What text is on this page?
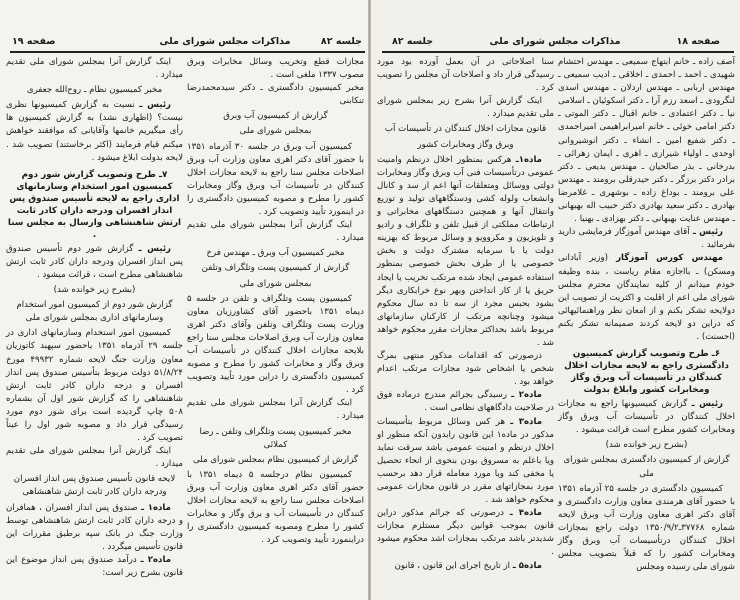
صفحه ۱۹	مذاکرات مجلس شورای ملی	جلسه ۸۲

مجازات قطع وتخریب وسائل مخابرات وبرق مصوب ۱۳۳۷ ملغی است .

مخبر کمیسیون دادگستری ـ دکتر سیدمحمدرضا تنکابنی

گزارش از کمیسیون آب وبرق
بمجلس شورای ملی

کمیسیون آب وبرق در جلسه ۳۰ آذرماه ۱۳۵۱ با حضور آقای دکتر اهری معاون وزارت آب وبرق اصلاحات مجلس سنا راجع به لایحه مجازات اخلال کنندگان در تأسیسات آب وبرق وگاز ومخابرات کشور را مطرح و مصوبه کمیسیون دادگستری را در اینمورد تأیید وتصویب کرد .

اینک گزارش آنرا بمجلس شورای ملی تقدیم میدارد .

مخبر کمیسیون آب وبرق ـ مهندس فرخ
گزارش از کمیسیون پست وتلگراف وتلفن
بمجلس شورای ملی

کمیسیون پست وتلگراف و تلفن در جلسه ۵ دیماه ۱۳۵۱ باحضور آقای کشاورزیان معاون وزارت پست وتلگراف وتلفن وآقای دکتر اهری معاون وزارت آب وبرق اصلاحات مجلس سنا راجع بلایحه مجازات اخلال کنندگان در تأسیسات آب وبرق وگاز و مخابرات کشور را مطرح و مصوبه کمیسیون دادگستری را دراین مورد تأیید وتصویب کرد .

اینک گزارش آنرا بمجلس شورای ملی تقدیم میدارد .

مخبر کمیسیون پست وتلگراف وتلفن ـ رضا کملائی
گزارش از کمیسیون نظام بمجلس شورای ملی

کمیسیون نظام درجلسه ۵ دیماه ۱۳۵۱ با حضور آقای دکتر اهری معاون وزارت آب وبرق اصلاحات مجلس سنا راجع به لایحه مجازات اخلال کنندگان در تأسیسات آب و برق وگاز و مخابرات کشور را مطرح ومصوبه کمیسیون دادگستری را دراینمورد تأیید وتصویب کرد .

اینک گزارش آنرا بمجلس شورای ملی تقدیم میدارد .

مخبر کمیسیون نظام ـ روح‌الله جعفری

رئیس ـ نسبت به گزارش کمیسیونها نظری نیست؟ (اظهاری نشد) به گزارش کمیسیون ها رأی میگیریم خانمها وآقایانی که موافقند خواهش میکنم قیام فرمایند (اکثر برخاستند) تصویب شد . لایحه بدولت ابلاغ میشود .

۷ـ طرح وتصویب گزارش شور دوم کمیسیون امور استخدام وسازمانهای اداری راجع به لایحه تأسیس صندوق پس انداز افسران ودرجه داران کادر ثابت ارتش شاهنشاهی وارسال به مجلس سنا .

رئیس ـ گزارش شور دوم تأسیس صندوق پس انداز افسران ودرجه داران کادر ثابت ارتش شاهنشاهی مطرح است ، قرائت میشود .

(بشرح زیر خوانده شد)
گزارش شور دوم از کمیسیون امور استخدام وسازمانهای اداری بمجلس شورای ملی

کمیسیون امور استخدام وسازمانهای اداری در جلسه ۲۹ آذرماه ۱۳۵۱ باحضور سپهبد کاتوزیان معاون وزارت جنگ لایحه شماره ۴۹۹۳۲ مورخ ۵۱/۸/۲۴ دولت مربوط بتأسیس صندوق پس انداز افسران و درجه داران کادر ثابت ارتش شاهنشاهی را که گزارش شور اول آن بشماره ۵۰۸ چاپ گردیده است برای شور دوم مورد رسیدگی قرار داد و مصوبه شور اول را عیناً تصویب کرد .

اینک گزارش آنرا بمجلس شورای ملی تقدیم میدارد .

لایحه قانون تأسیس صندوق پس انداز افسران ودرجه داران کادر ثابت ارتش شاهنشاهی

ماده۱ ـ صندوق پس انداز افسران ، همافران و درجه داران کادر ثابت ارتش شاهنشاهی توسط وزارت جنگ در بانک سپه برطبق مقررات این قانون تأسیس میگردد .

ماده۲ ـ درآمد صندوق پس انداز موضوع این قانون بشرح زیر است:

صفحه ۱۸
مذاکرات مجلس شورای ملی
جلسه ۸۲

آصف زاده ـ خانم ابتهاج سمیعی ـ مهندس احتشام شهیدی ـ احمد ـ احمدی ـ اخلاقی ـ ادیب سمیعی ـ مهندس اربابی ـ مهندس اردلان ـ مهندس اسدی لنگرودی ـ اسعد رزم آرا ـ دکتر اسکوئیان ـ اسلامی نیا ـ دکتر اعتمادی ـ خانم اقبال ـ دکتر الموتی ـ دکتر امامی خوئی ـ خانم امیرابراهیمی امیراحمدی ـ دکتر شفیع امین ـ انشاء ـ دکتر انوشیروانی اوحدی ـ اولیاء شیرازی ـ اهری ـ ایمان زهرائی ـ بدرخانی ـ بذر صالحیان ـ مهندس بدیعی ـ دکتر برادر دکتر برزگر ـ دکتر حیدرقلی برومند ـ مهندس علی برومند ـ بوداغ زاده ـ بوشهری ـ غلامرضا بهادری ـ دکتر سعید بهادری دکتر حبیب اله بهبهانی ـ مهندس عنایت بهبهانی ـ دکتر بهزادی ـ بهنیا .

رئیس ـ آقای مهندس آموزگار فرمایشی دارید بفرمائید .

مهندس کورس آموزگار (وزیر آبادانی ومسکن) ـ بااجازه مقام ریاست ، بنده وظیفه خودم میدانم از کلیه نمایندگان محترم مجلس شورای ملی اعم از اقلیت و اکثریت از تصویب این دولایحه تشکر بکنم و از امعان نظر وراهنمائیهائی که دراین دو لایحه کردند صمیمانه تشکر بکنم (احسنت) .

۶ـ طرح وتصویب گزارش کمیسیون دادگستری راجع به لایحه مجازات اخلال کنندگان در تأسیسات آب وبرق وگاز ومخابرات کشور وابلاغ بدولت

رئیس ـ گزارش کمیسیونها راجع به مجازات اخلال کنندگان در تأسیسات آب وبرق وگاز ومخابرات کشور مطرح است قرائت میشود .

(بشرح زیر خوانده شد)
گزارش از کمیسیون دادگستری بمجلس شورای ملی

کمیسیون دادگستری در جلسه ۲۵ آذرماه ۱۳۵۱ با حضور آقای هرمندی معاون وزارت دادگستری و آقای دکتر اهری معاون وزارت آب وبرق لایحه شماره ۳۷۷۶۸ـ۱۳۵۰/۹/۲ دولت راجع بمجازات اخلال کنندگان درتأسیسات آب وبرق وگاز ومخابرات کشور را که قبلاً بتصویب مجلس شورای ملی رسیده ومجلس

سنا اصلاحاتی در آن بعمل آورده بود مورد رسیدگی قرار داد و اصلاحات آن مجلس را تصویب کرد .

اینک گزارش آنرا بشرح زیر بمجلس شورای ملی تقدیم میدارد .

قانون مجازات اخلال کنندگان در تأسیسات آب
وبرق وگاز ومخابرات کشور

ماده۱ـ هرکس بمنظور اخلال درنظم وامنیت عمومی درتأسیسات فنی آب وبرق وگاز ومخابرات دولتی ووسائل ومتعلقات آنها اعم از سد و کانال وانشعاب ولوله کشی ودستگاههای تولید و توزیع وانتقال آنها و همچنین دستگاههای مخابراتی و ارتباطات مملکتی از قبیل تلفن و تلگراف و رادیو و تلویزیون و مکروویو و وسائل مربوط که بهزینه دولت یا با سرمایه مشترک دولت و بخش خصوصی یا از طرف بخش خصوصی بمنظور استفاده عمومی ایجاد شده مرتکب تخریب یا ایجاد حریق یا از کار انداختن وبهر نوع خرابکاری دیگر بشود بحبس مجرد از سه تا ده سال محکوم میشود وچنانچه مرتکب از کارکنان سازمانهای مربوط باشد بحداکثر مجازات مقرر محکوم خواهد شد .

درصورتی که اقدامات مذکور منتهی بمرگ شخص یا اشخاص شود مجازات مرتکب اعدام خواهد بود .

ماده۲ ـ رسیدگی بجرائم مندرج درماده فوق در صلاحیت دادگاههای نظامی است .

ماده۳ ـ هر کس وسائل مربوط بتأسیسات مذکور در ماده۱ این قانون رابدون آنکه منظور او اخلال درنظم و امنیت عمومی باشد سرقت نماید ویا باعلم به مسروق بودن بنحوی از انحاء تحصیل یا مخفی کند ویا مورد معامله قرار دهد برحسب مورد بمجازاتهای مقرر در قانون مجازات عمومی محکوم خواهد شد .

ماده۴ ـ درصورتی که جرائم مذکور دراین قانون بموجب قوانین دیگر مستلزم مجازات شدیدتر باشد مرتکب بمجازات اشد محکوم میشود .

ماده۵ ـ از تاریخ اجرای این قانون ، قانون
